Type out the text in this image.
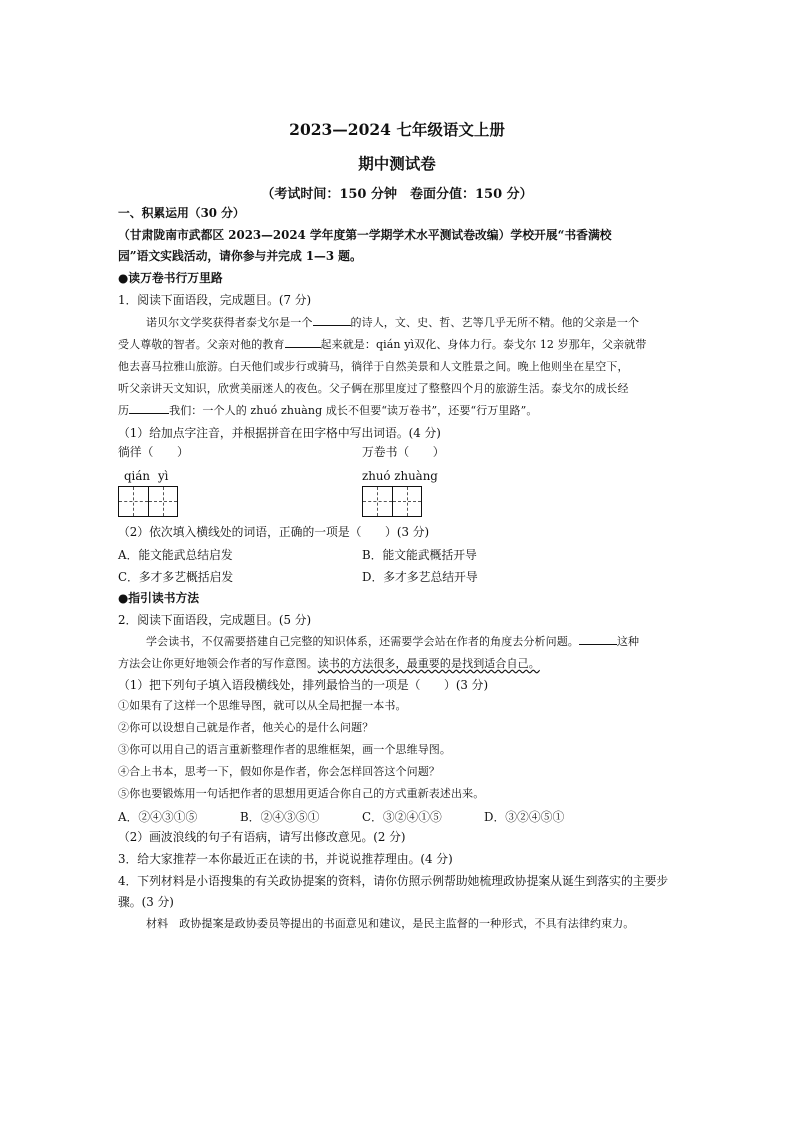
2023—2024 七年级语文上册
期中测试卷
（考试时间：150 分钟　卷面分值：150 分）
一、积累运用（30 分）
（甘肃陇南市武都区 2023—2024 学年度第一学期学术水平测试卷改编）学校开展“书香满校
园”语文实践活动，请你参与并完成 1—3 题。
●读万卷书行万里路
1．阅读下面语段，完成题目。(7 分)
诺贝尔文学奖获得者泰戈尔是一个	的诗人，文、史、哲、艺等几乎无所不精。他的父亲是一个
受人尊敬的智者。父亲对他的教育	起来就是：qián yì双化、身体力行。泰戈尔 12 岁那年，父亲就带
他去喜马拉雅山旅游。白天他们或步行或骑马，徜徉于自然美景和人文胜景之间。晚上他则坐在星空下，
听父亲讲天文知识，欣赏美丽迷人的夜色。父子俩在那里度过了整整四个月的旅游生活。泰戈尔的成长经
历	我们：一个人的 zhuó zhuàng 成长不但要“读万卷书”，还要“行万里路”。
（1）给加点字注音，并根据拼音在田字格中写出词语。(4 分)
徜徉（　　）	万卷书（　　）
qián yì	zhuó zhuàng
（2）依次填入横线处的词语，正确的一项是（　　）(3 分)
A．能文能武总结启发	B．能文能武概括开导
C．多才多艺概括启发	D．多才多艺总结开导
●指引读书方法
2．阅读下面语段，完成题目。(5 分)
学会读书，不仅需要搭建自己完整的知识体系，还需要学会站在作者的角度去分析问题。	这种
方法会让你更好地领会作者的写作意图。读书的方法很多，最重要的是找到适合自己。
（1）把下列句子填入语段横线处，排列最恰当的一项是（　　）(3 分)
①如果有了这样一个思维导图，就可以从全局把握一本书。
②你可以设想自己就是作者，他关心的是什么问题？
③你可以用自己的语言重新整理作者的思维框架，画一个思维导图。
④合上书本，思考一下，假如你是作者，你会怎样回答这个问题？
⑤你也要锻炼用一句话把作者的思想用更适合你自己的方式重新表述出来。
A．②④③①⑤	B．②④③⑤①	C．③②④①⑤	D．③②④⑤①
（2）画波浪线的句子有语病，请写出修改意见。(2 分)
3．给大家推荐一本你最近正在读的书，并说说推荐理由。(4 分)
4．下列材料是小语搜集的有关政协提案的资料，请你仿照示例帮助她梳理政协提案从诞生到落实的主要步
骤。(3 分)
材料　政协提案是政协委员等提出的书面意见和建议，是民主监督的一种形式，不具有法律约束力。
